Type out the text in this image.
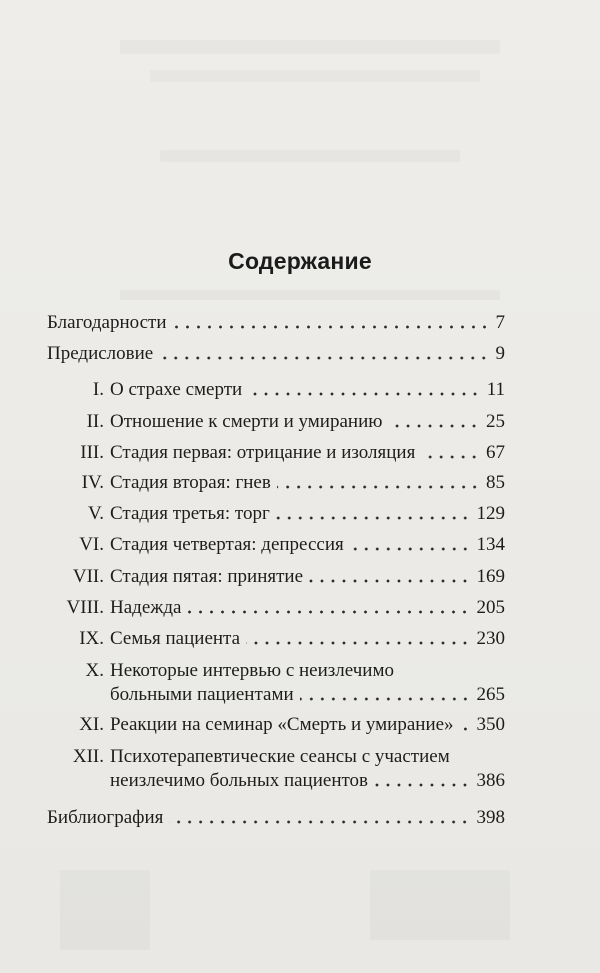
Содержание
Благодарности	7
Предисловие	9
I. О страхе смерти	11
II. Отношение к смерти и умиранию	25
III. Стадия первая: отрицание и изоляция	67
IV. Стадия вторая: гнев	85
V. Стадия третья: торг	129
VI. Стадия четвертая: депрессия	134
VII. Стадия пятая: принятие	169
VIII. Надежда	205
IX. Семья пациента	230
X. Некоторые интервью с неизлечимо
больными пациентами	265
XI. Реакции на семинар «Смерть и умирание» 350
XII. Психотерапевтические сеансы с участием
неизлечимо больных пациентов	386
Библиография	398
